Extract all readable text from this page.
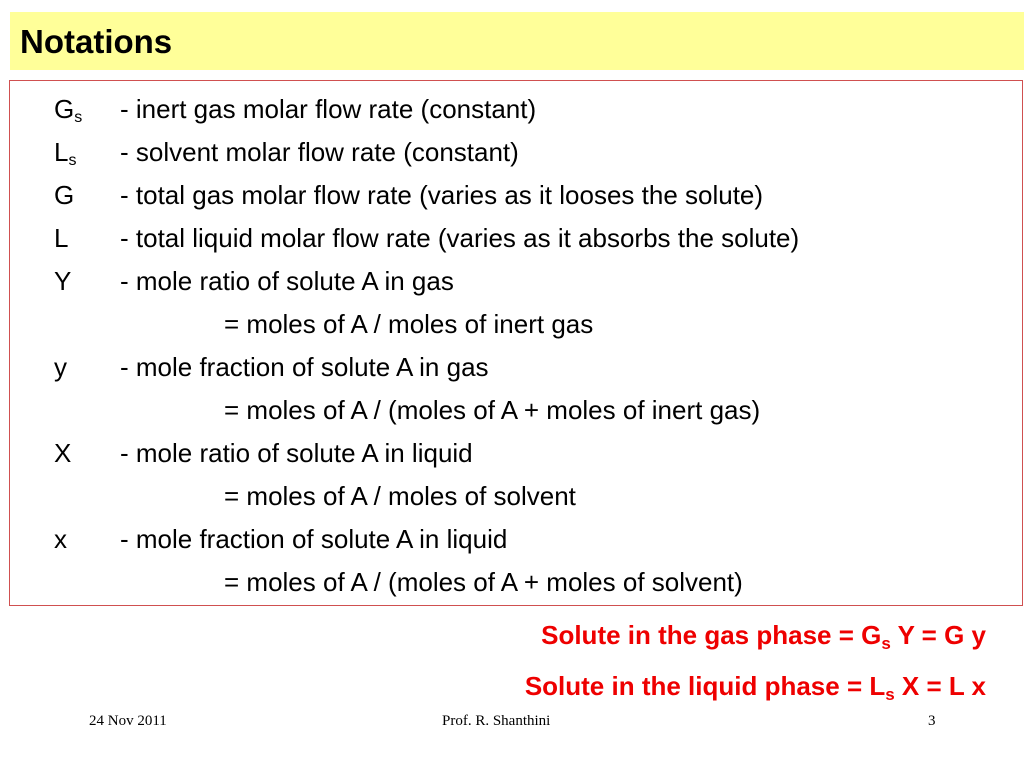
Notations
$G_s$ - inert gas molar flow rate (constant)
$L_s$ - solvent molar flow rate (constant)
G - total gas molar flow rate (varies as it looses the solute)
L - total liquid molar flow rate (varies as it absorbs the solute)
Y - mole ratio of solute A in gas
= moles of A / moles of inert gas
y - mole fraction of solute A in gas
= moles of A / (moles of A + moles of inert gas)
X - mole ratio of solute A in liquid
= moles of A / moles of solvent
x - mole fraction of solute A in liquid
= moles of A / (moles of A + moles of solvent)
Solute in the gas phase = $G_s$ Y = G y
Solute in the liquid phase = $L_s$ X = L x
24 Nov 2011	Prof. R. Shanthini	3
